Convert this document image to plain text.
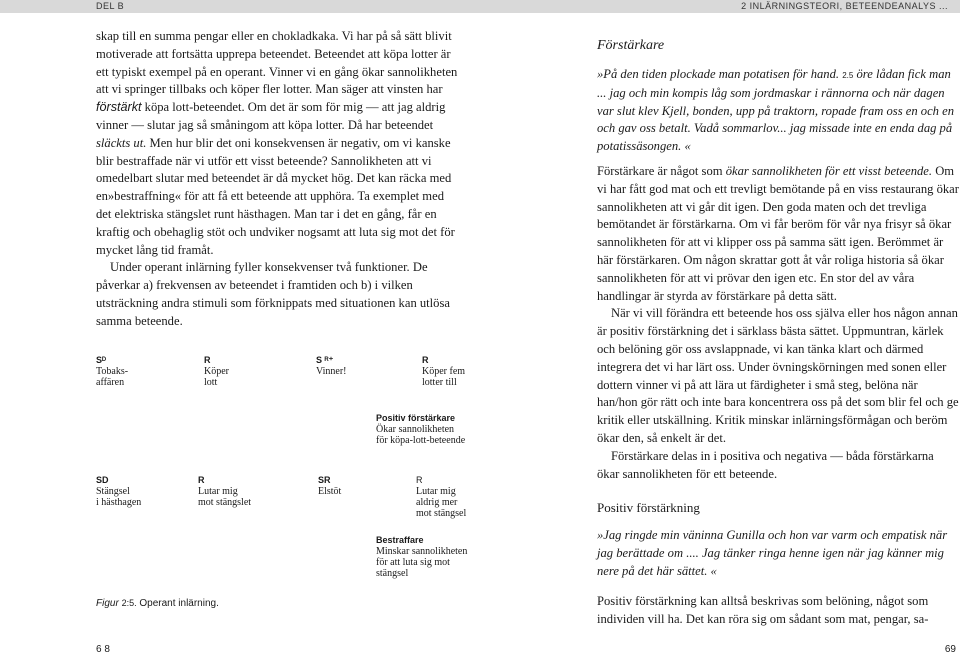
DEL B	2 INLÄRNINGSTEORI, BETEENDEANALYS ...

skap till en summa pengar eller en chokladkaka. Vi har på så sätt blivit motiverade att fortsätta upprepa beteendet. Beteendet att köpa lotter är ett typiskt exempel på en operant. Vinner vi en gång ökar sannolikheten att vi springer tillbaks och köper fler lotter. Man säger att vinsten har förstärkt köpa lott-beteendet. Om det är som för mig — att jag aldrig vinner — slutar jag så småningom att köpa lotter. Då har beteendet släckts ut. Men hur blir det oni konsekvensen är negativ, om vi kanske blir bestraffade när vi utför ett visst beteende? Sannolikheten att vi omedelbart slutar med beteendet är då mycket hög. Det kan räcka med en»bestraffning« för att få ett beteende att upphöra. Ta exemplet med det elektriska stängslet runt hästhagen. Man tar i det en gång, får en kraftig och obehaglig stöt och undviker nogsamt att luta sig mot det för mycket lång tid framåt.

Under operant inlärning fyller konsekvenser två funktioner. De påverkar a) frekvensen av beteendet i framtiden och b) i vilken utsträckning andra stimuli som förknippats med situationen kan utlösa samma beteende.

Sᴰ
Tobaks-
affären
R
Köper
lott
S ᴿ⁺
Vinner!
R
Köper fem
lotter till
Positiv förstärkare
Ökar sannolikheten
för köpa-lott-beteende
SD
Stängsel
i hästhagen
R
Lutar mig
mot stängslet
SR
Elstöt
R
Lutar mig
aldrig mer
mot stängsel
Bestraffare
Minskar sannolikheten
för att luta sig mot
stängsel
Figur 2:5. Operant inlärning.
Förstärkare

»På den tiden plockade man potatisen för hand. 2.5 öre lådan fick man ... jag och min kompis låg som jordmaskar i rännorna och när dagen var slut klev Kjell, bonden, upp på traktorn, ropade fram oss en och en och gav oss betalt. Vadå sommarlov... jag missade inte en enda dag på potatissäsongen. «

Förstärkare är något som ökar sannolikheten för ett visst beteende. Om vi har fått god mat och ett trevligt bemötande på en viss restaurang ökar sannolikheten att vi går dit igen. Den goda maten och det trevliga bemötandet är förstärkarna. Om vi får beröm för vår nya frisyr så ökar sannolikheten för att vi klipper oss på samma sätt igen. Berömmet är här förstärkaren. Om någon skrattar gott åt vår roliga historia så ökar sannolikheten för att vi prövar den igen etc. En stor del av våra handlingar är styrda av förstärkare på detta sätt.

När vi vill förändra ett beteende hos oss själva eller hos någon annan är positiv förstärkning det i särklass bästa sättet. Uppmuntran, kärlek och belöning gör oss avslappnade, vi kan tänka klart och därmed integrera det vi har lärt oss. Under övningskörningen med sonen eller dottern vinner vi på att lära ut färdigheter i små steg, belöna när han/hon gör rätt och inte bara koncentrera oss på det som blir fel och ge kritik eller utskällning. Kritik minskar inlärningsförmågan och beröm ökar den, så enkelt är det.

Förstärkare delas in i positiva och negativa — båda förstärkarna ökar sannolikheten för ett beteende.

Positiv förstärkning

»Jag ringde min väninna Gunilla och hon var varm och empatisk när jag berättade om .... Jag tänker ringa henne igen när jag känner mig nere på det här sättet. «

Positiv förstärkning kan alltså beskrivas som belöning, något som individen vill ha. Det kan röra sig om sådant som mat, pengar, sa-

6 8	69
